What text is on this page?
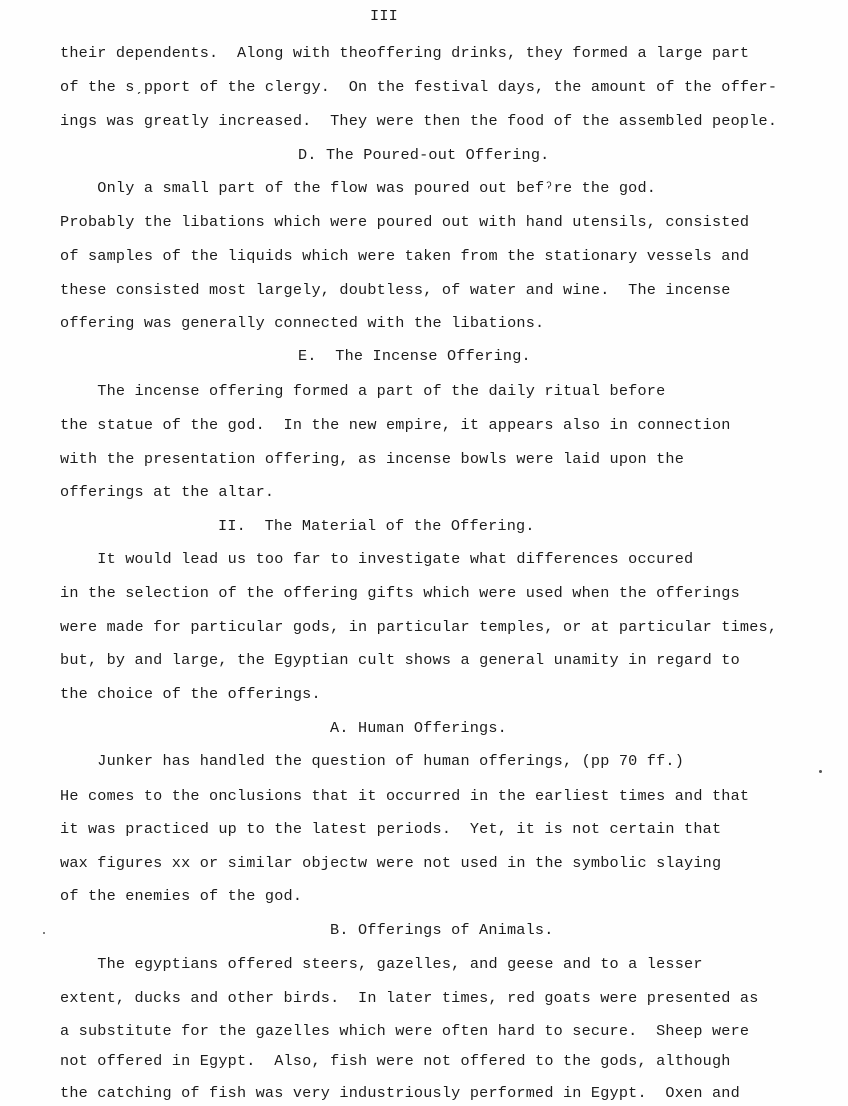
III
their dependents.  Along with theoffering drinks, they formed a large part
of the sˏpport of the clergy.  On the festival days, the amount of the offer-
ings was greatly increased.  They were then the food of the assembled people.
D. The Poured-out Offering.
Only a small part of the flow was poured out befˀre the god.
Probably the libations which were poured out with hand utensils, consisted
of samples of the liquids which were taken from the stationary vessels and
these consisted most largely, doubtless, of water and wine.  The incense
offering was generally connected with the libations.
E.  The Incense Offering.
The incense offering formed a part of the daily ritual before
the statue of the god.  In the new empire, it appears also in connection
with the presentation offering, as incense bowls were laid upon the
offerings at the altar.
II.  The Material of the Offering.
It would lead us too far to investigate what differences occured
in the selection of the offering gifts which were used when the offerings
were made for particular gods, in particular temples, or at particular times,
but, by and large, the Egyptian cult shows a general unamity in regard to
the choice of the offerings.
A. Human Offerings.
Junker has handled the question of human offerings, (pp 70 ff.)
He comes to the onclusions that it occurred in the earliest times and that
it was practiced up to the latest periods.  Yet, it is not certain that
wax figures xx or similar objectw were not used in the symbolic slaying
of the enemies of the god.
B. Offerings of Animals.
The egyptians offered steers, gazelles, and geese and to a lesser
extent, ducks and other birds.  In later times, red goats were presented as
a substitute for the gazelles which were often hard to secure.  Sheep were
not offered in Egypt.  Also, fish were not offered to the gods, although
the catching of fish was very industriously performed in Egypt.  Oxen and
